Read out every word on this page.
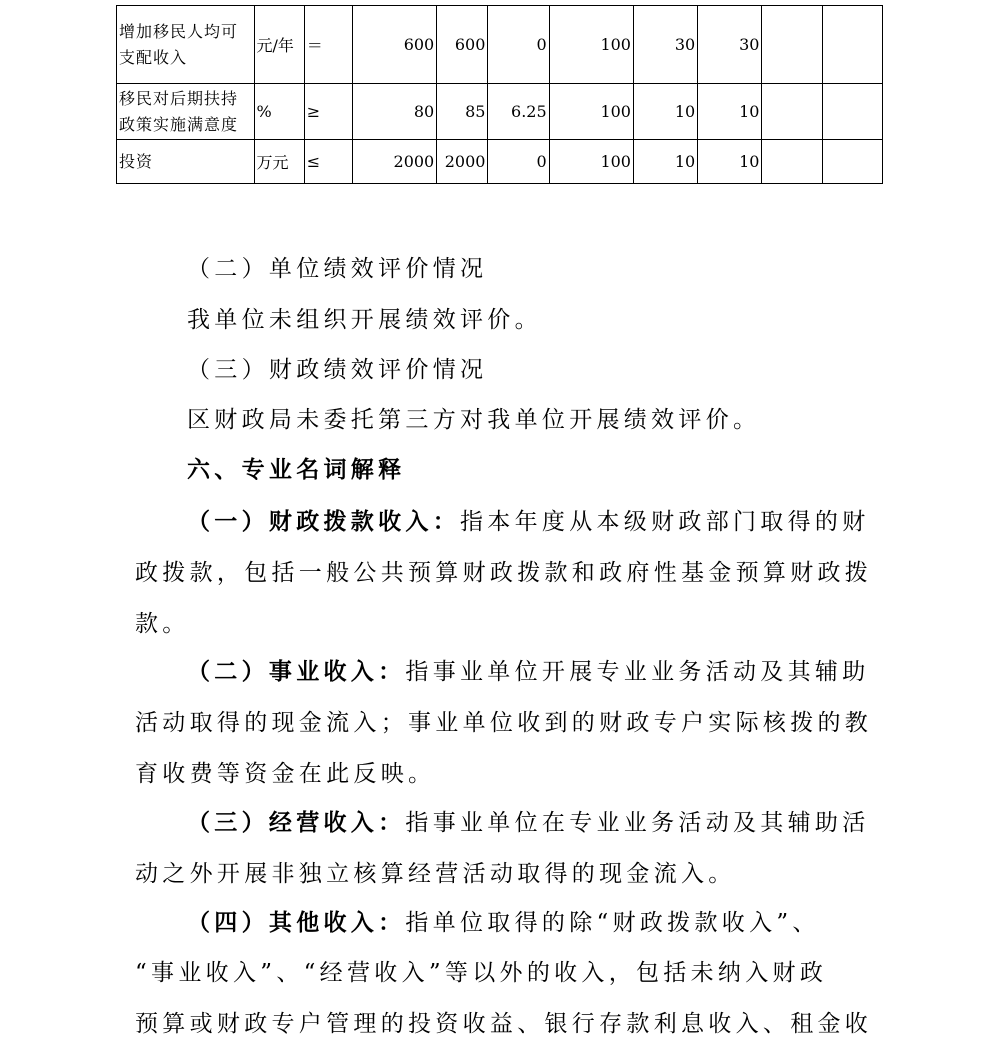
增加移民人均可支配收入	元/年	＝	600	600	0	100	30	30		
移民对后期扶持政策实施满意度	%	≥	80	85	6.25	100	10	10		
投资	万元	≤	2000	2000	0	100	10	10		
（二）单位绩效评价情况
我单位未组织开展绩效评价。
（三）财政绩效评价情况
区财政局未委托第三方对我单位开展绩效评价。
六、专业名词解释
（一）财政拨款收入：指本年度从本级财政部门取得的财
政拨款，包括一般公共预算财政拨款和政府性基金预算财政拨
款。
（二）事业收入：指事业单位开展专业业务活动及其辅助
活动取得的现金流入；事业单位收到的财政专户实际核拨的教
育收费等资金在此反映。
（三）经营收入：指事业单位在专业业务活动及其辅助活
动之外开展非独立核算经营活动取得的现金流入。
（四）其他收入：指单位取得的除“财政拨款收入”、
“事业收入”、“经营收入”等以外的收入，包括未纳入财政
预算或财政专户管理的投资收益、银行存款利息收入、租金收
